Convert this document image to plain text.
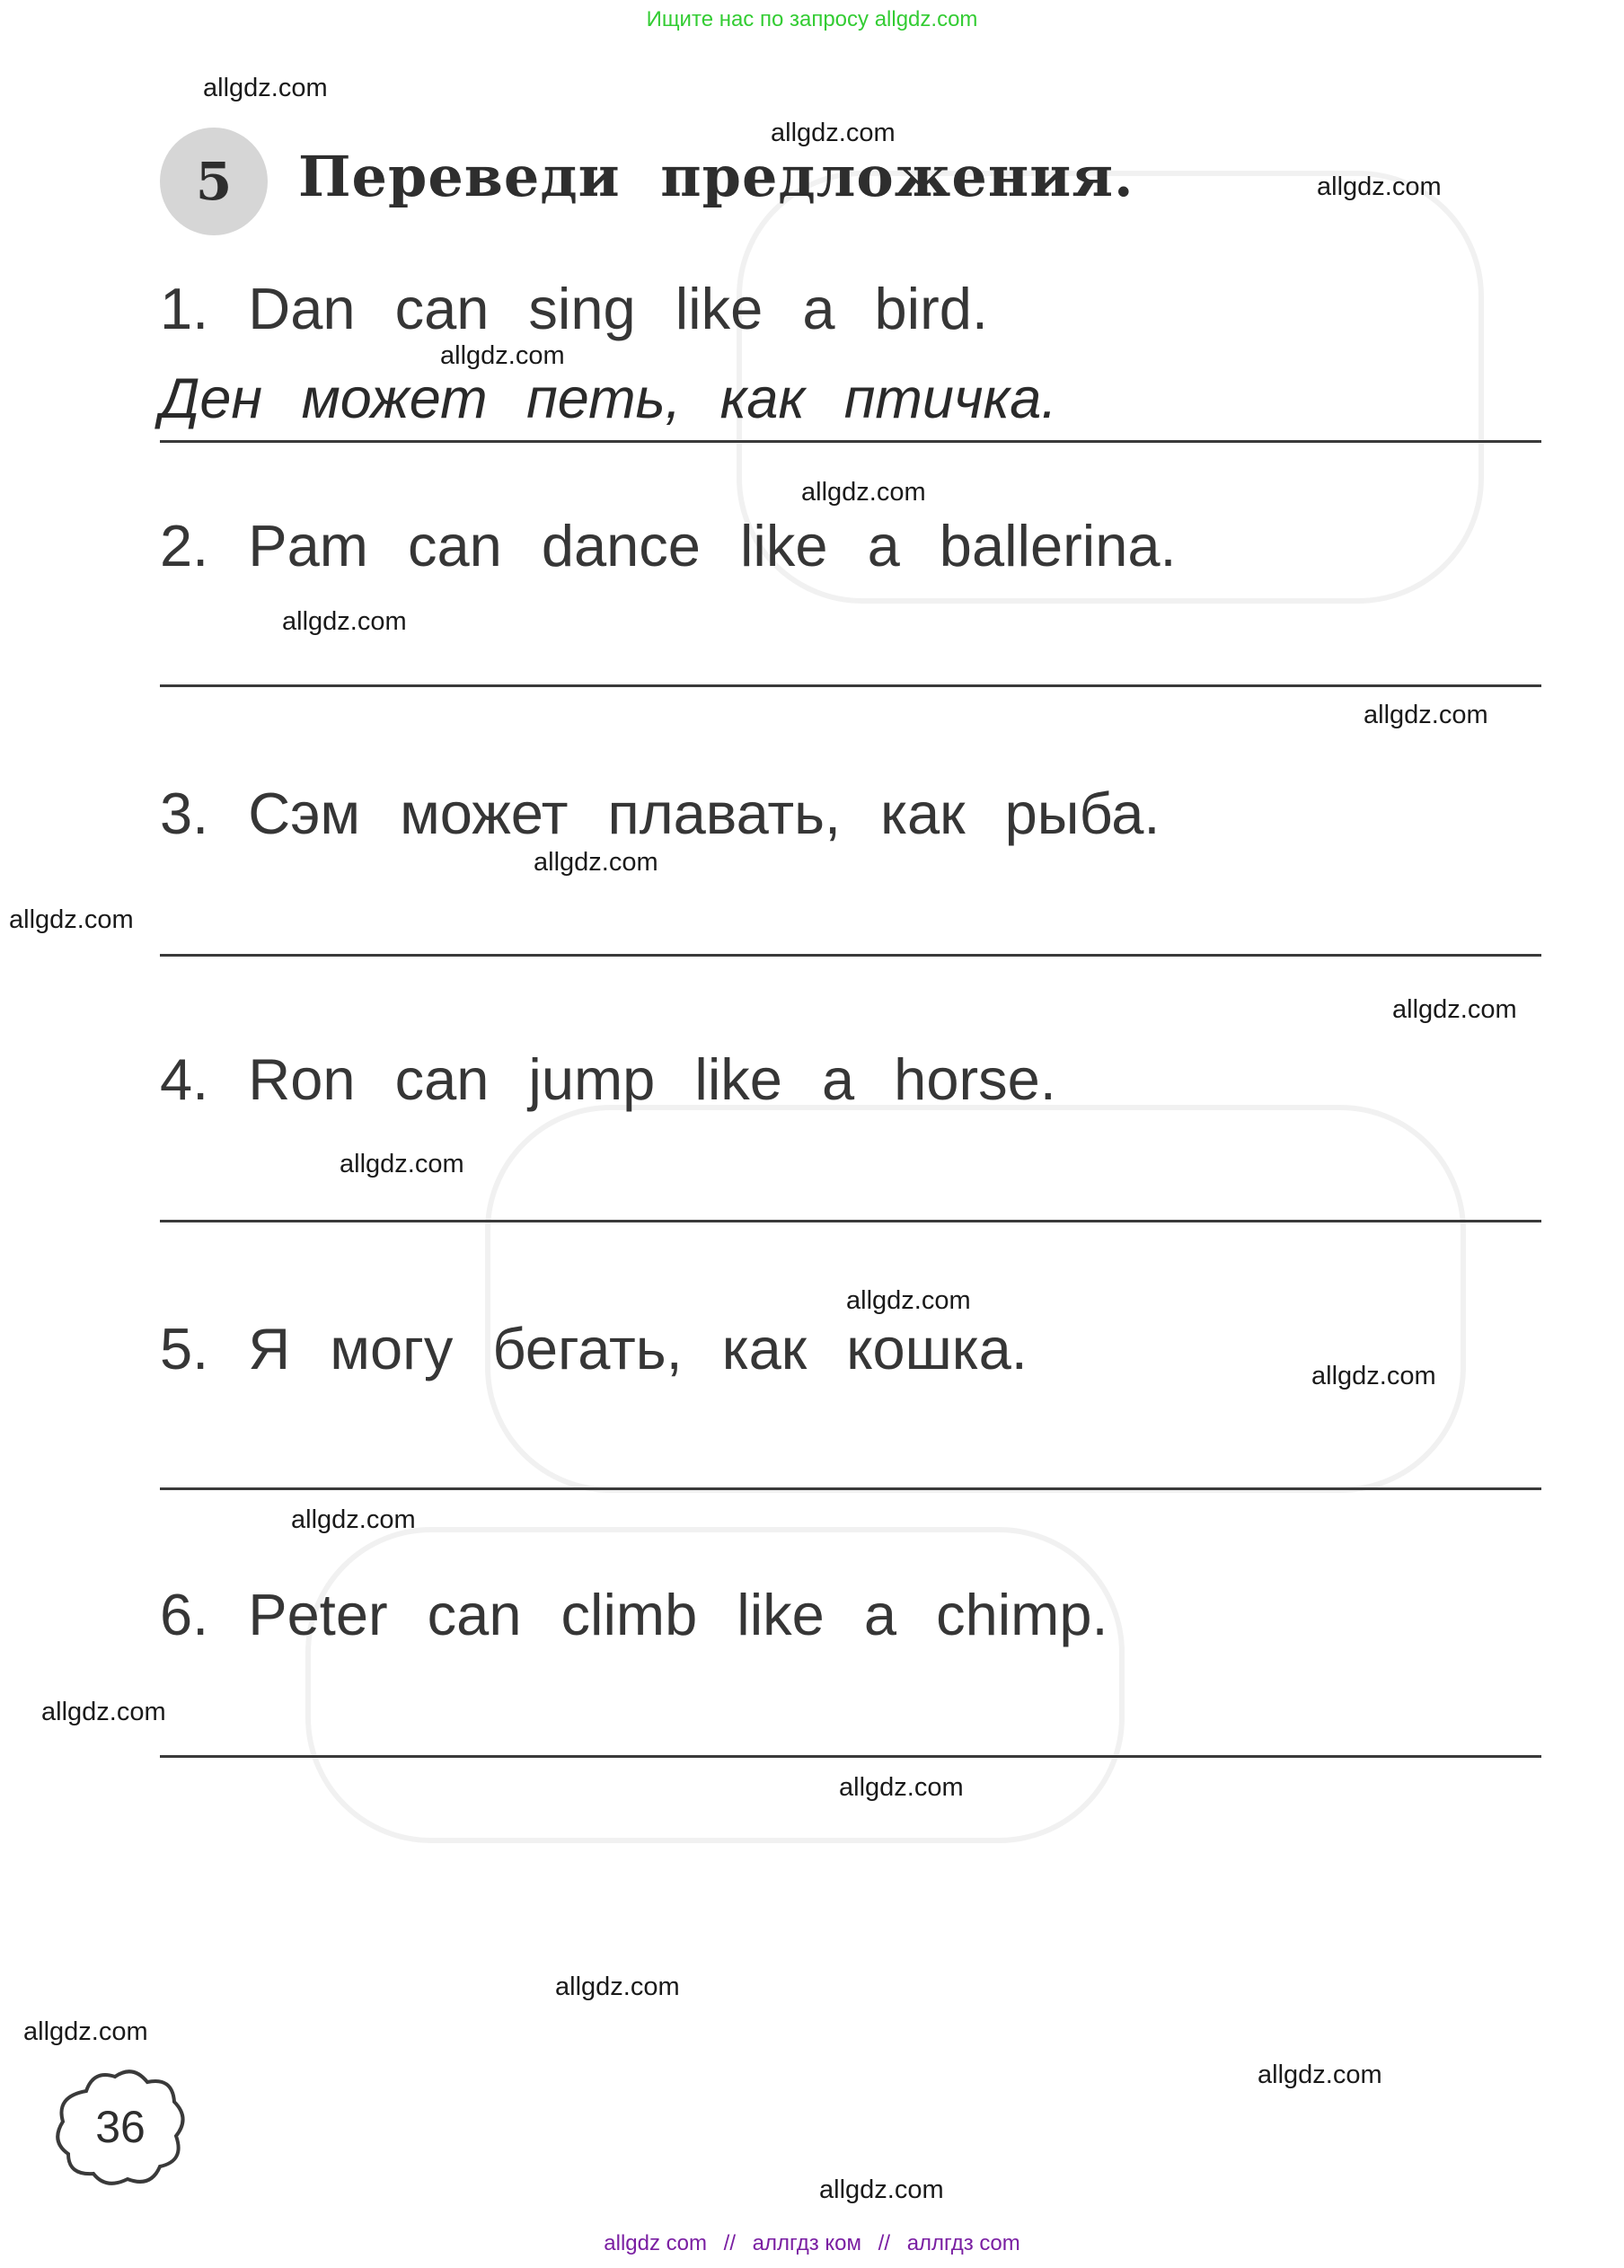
Ищите нас по запросу allgdz.com
5	Переведи предложения.
1. Dan can sing like a bird.
Ден может петь, как птичка.
2. Pam can dance like a ballerina.
3. Сэм может плавать, как рыба.
4. Ron can jump like a horse.
5. Я могу бегать, как кошка.
6. Peter can climb like a chimp.
allgdz.com
allgdz.com
allgdz.com
allgdz.com
allgdz.com
allgdz.com
allgdz.com
allgdz.com
allgdz.com
allgdz.com
allgdz.com
allgdz.com
allgdz.com
allgdz.com
allgdz.com
allgdz.com
allgdz.com
allgdz.com
allgdz.com
allgdz.com
36
allgdz com // аллгдз ком // аллгдз com
